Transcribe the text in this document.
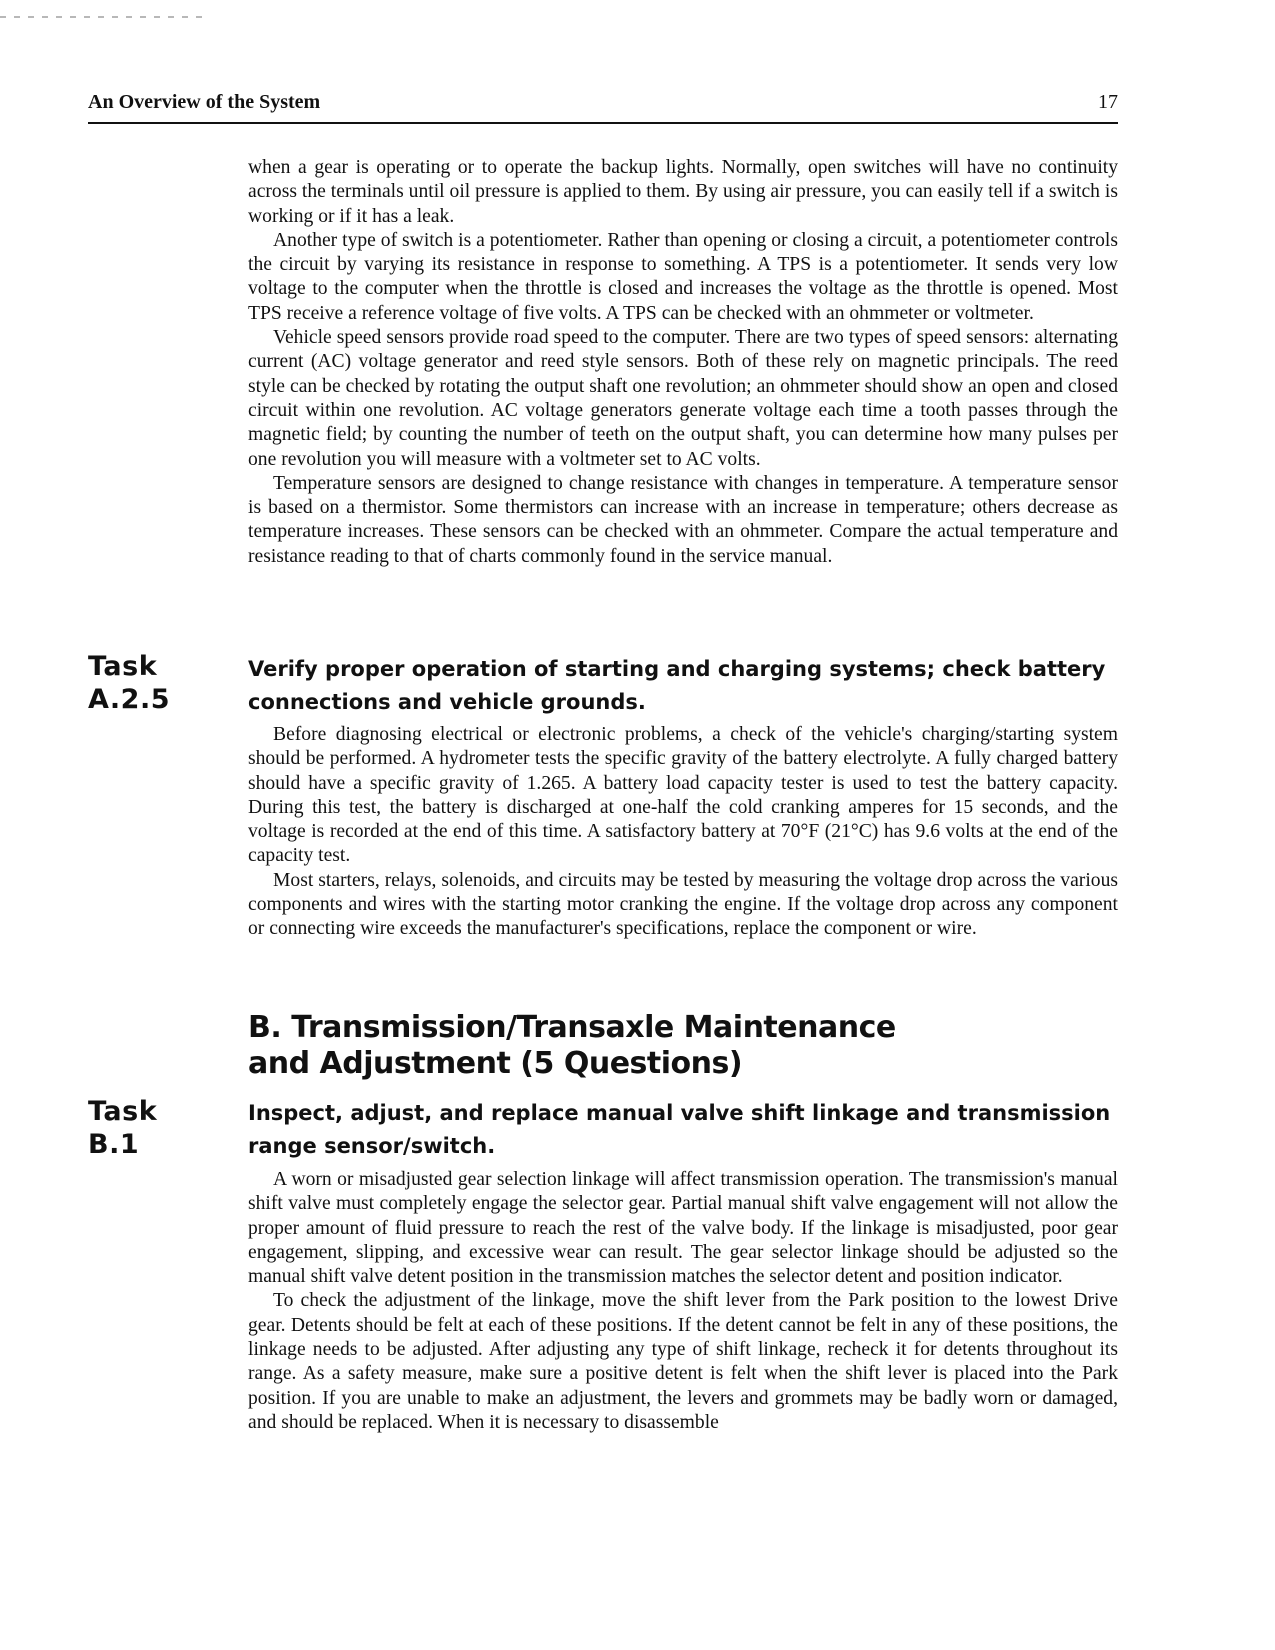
An Overview of the System	17

when a gear is operating or to operate the backup lights. Normally, open switches will have no continuity across the terminals until oil pressure is applied to them. By using air pressure, you can easily tell if a switch is working or if it has a leak.

Another type of switch is a potentiometer. Rather than opening or closing a circuit, a potentiometer controls the circuit by varying its resistance in response to something. A TPS is a potentiometer. It sends very low voltage to the computer when the throttle is closed and increases the voltage as the throttle is opened. Most TPS receive a reference voltage of five volts. A TPS can be checked with an ohmmeter or voltmeter.

Vehicle speed sensors provide road speed to the computer. There are two types of speed sensors: alternating current (AC) voltage generator and reed style sensors. Both of these rely on magnetic principals. The reed style can be checked by rotating the output shaft one revolution; an ohmmeter should show an open and closed circuit within one revolution. AC voltage generators generate voltage each time a tooth passes through the magnetic field; by counting the number of teeth on the output shaft, you can determine how many pulses per one revolution you will measure with a voltmeter set to AC volts.

Temperature sensors are designed to change resistance with changes in temperature. A temperature sensor is based on a thermistor. Some thermistors can increase with an increase in temperature; others decrease as temperature increases. These sensors can be checked with an ohmmeter. Compare the actual temperature and resistance reading to that of charts commonly found in the service manual.

Task
A.2.5
Verify proper operation of starting and charging systems; check battery connections and vehicle grounds.

Before diagnosing electrical or electronic problems, a check of the vehicle's charging/starting system should be performed. A hydrometer tests the specific gravity of the battery electrolyte. A fully charged battery should have a specific gravity of 1.265. A battery load capacity tester is used to test the battery capacity. During this test, the battery is discharged at one-half the cold cranking amperes for 15 seconds, and the voltage is recorded at the end of this time. A satisfactory battery at 70°F (21°C) has 9.6 volts at the end of the capacity test.

Most starters, relays, solenoids, and circuits may be tested by measuring the voltage drop across the various components and wires with the starting motor cranking the engine. If the voltage drop across any component or connecting wire exceeds the manufacturer's specifications, replace the component or wire.

B. Transmission/Transaxle Maintenance
and Adjustment (5 Questions)
Task
B.1
Inspect, adjust, and replace manual valve shift linkage and transmission range sensor/switch.

A worn or misadjusted gear selection linkage will affect transmission operation. The transmission's manual shift valve must completely engage the selector gear. Partial manual shift valve engagement will not allow the proper amount of fluid pressure to reach the rest of the valve body. If the linkage is misadjusted, poor gear engagement, slipping, and excessive wear can result. The gear selector linkage should be adjusted so the manual shift valve detent position in the transmission matches the selector detent and position indicator.

To check the adjustment of the linkage, move the shift lever from the Park position to the lowest Drive gear. Detents should be felt at each of these positions. If the detent cannot be felt in any of these positions, the linkage needs to be adjusted. After adjusting any type of shift linkage, recheck it for detents throughout its range. As a safety measure, make sure a positive detent is felt when the shift lever is placed into the Park position. If you are unable to make an adjustment, the levers and grommets may be badly worn or damaged, and should be replaced. When it is necessary to disassemble
